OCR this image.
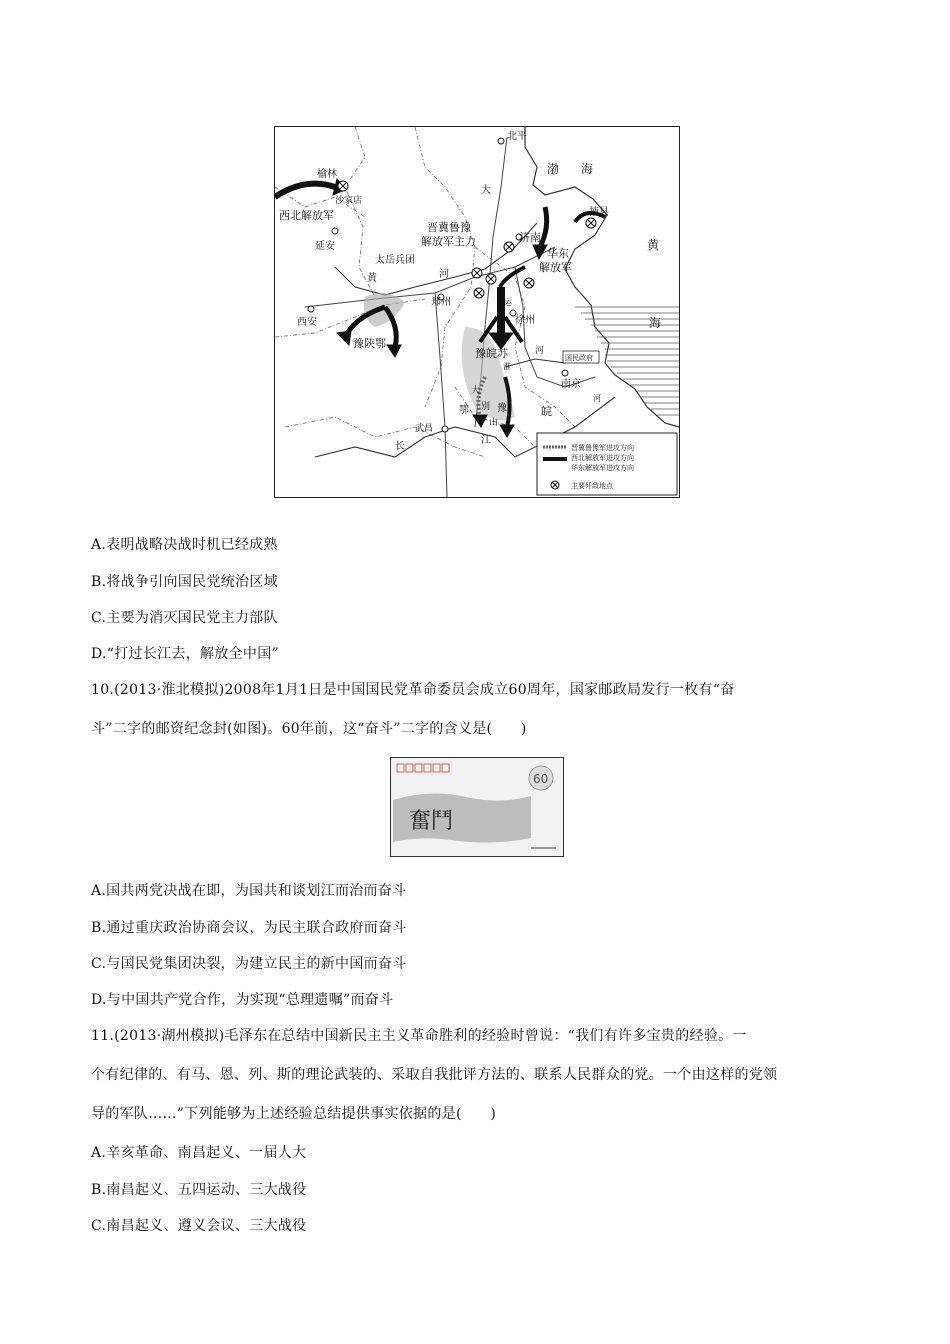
晋冀鲁豫军进攻方向
西北解放军进攻方向
华东解放军进攻方向
主要歼敌地点
北平
渤 海
榆林
沙家店
西北解放军
延安
晋冀鲁豫
解放军主力
太岳兵团
济南
华东
解放军
掖县
黄	河
黄
大
郑州	运
徐州
西安
豫陕鄂
豫皖苏
淮
河
国民政府
南京
河
海
大
别
山
鄂	豫	皖
武昌
长
江
A.表明战略决战时机已经成熟
B.将战争引向国民党统治区域
C.主要为消灭国民党主力部队
D.“打过长江去，解放全中国”
10.(2013·淮北模拟)2008年1月1日是中国国民党革命委员会成立60周年，国家邮政局发行一枚有“奋
斗”二字的邮资纪念封(如图)。60年前，这“奋斗”二字的含义是(　　)
奮鬥
60
A.国共两党决战在即，为国共和谈划江而治而奋斗
B.通过重庆政治协商会议，为民主联合政府而奋斗
C.与国民党集团决裂，为建立民主的新中国而奋斗
D.与中国共产党合作，为实现“总理遗嘱”而奋斗
11.(2013·湖州模拟)毛泽东在总结中国新民主主义革命胜利的经验时曾说：“我们有许多宝贵的经验。一
个有纪律的、有马、恩、列、斯的理论武装的、采取自我批评方法的、联系人民群众的党。一个由这样的党领
导的军队……”下列能够为上述经验总结提供事实依据的是(　　)
A.辛亥革命、南昌起义、一届人大
B.南昌起义、五四运动、三大战役
C.南昌起义、遵义会议、三大战役
